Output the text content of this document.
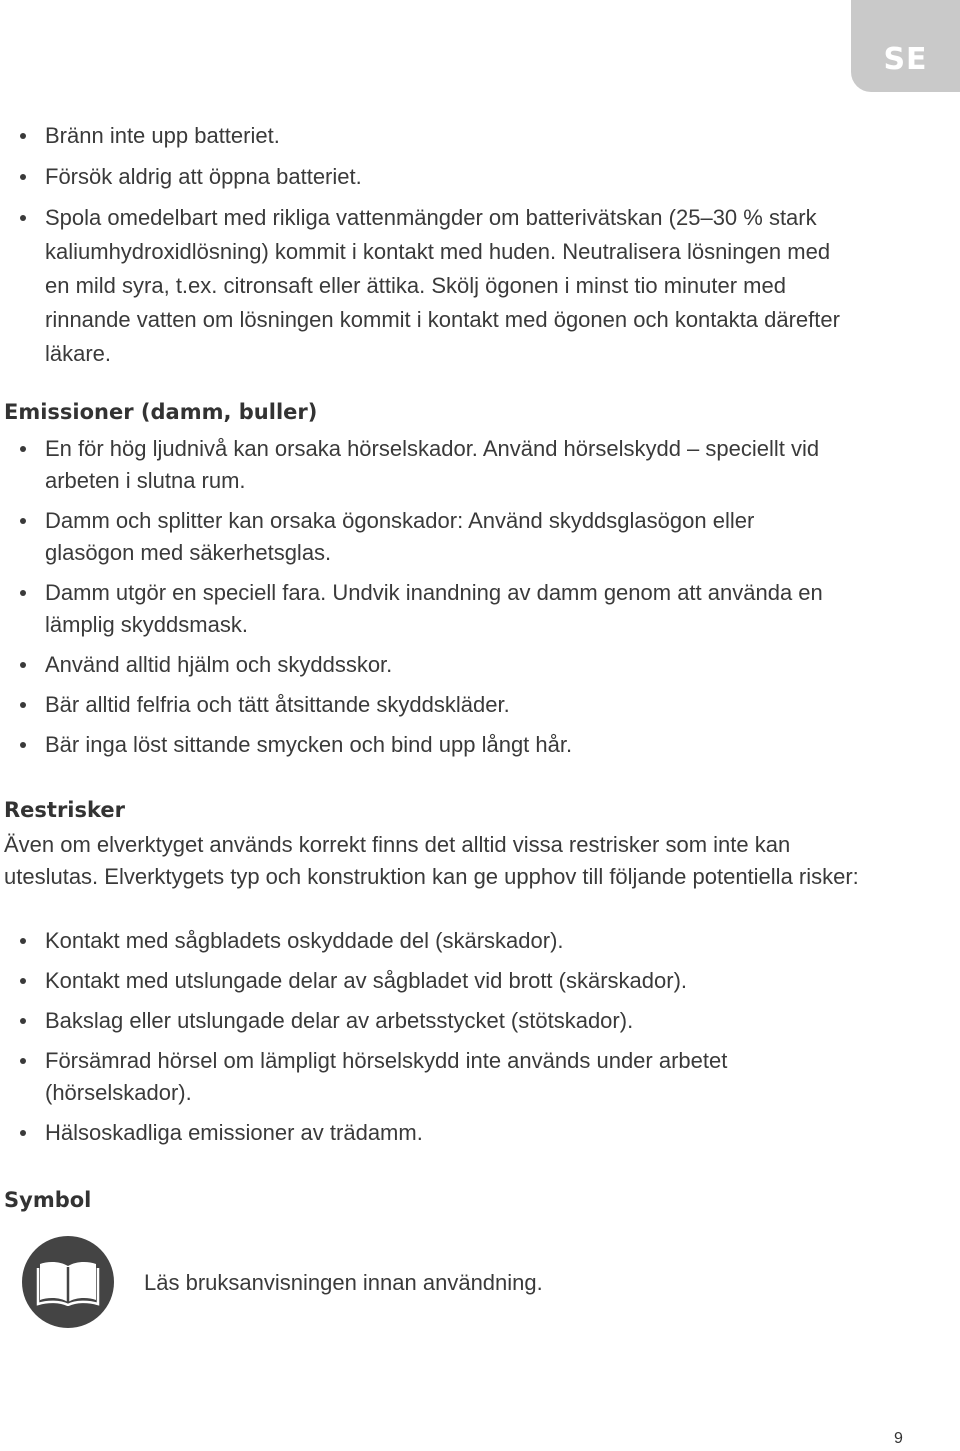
SE
Bränn inte upp batteriet.
Försök aldrig att öppna batteriet.
Spola omedelbart med rikliga vattenmängder om batterivätskan (25–30 % stark kaliumhydroxidlösning) kommit i kontakt med huden. Neutralisera lösningen med en mild syra, t.ex. citronsaft eller ättika. Skölj ögonen i minst tio minuter med rinnande vatten om lösningen kommit i kontakt med ögonen och kontakta därefter läkare.
Emissioner (damm, buller)
En för hög ljudnivå kan orsaka hörselskador. Använd hörselskydd – speciellt vid arbeten i slutna rum.
Damm och splitter kan orsaka ögonskador: Använd skyddsglasögon eller glasögon med säkerhetsglas.
Damm utgör en speciell fara. Undvik inandning av damm genom att använda en lämplig skyddsmask.
Använd alltid hjälm och skyddsskor.
Bär alltid felfria och tätt åtsittande skyddskläder.
Bär inga löst sittande smycken och bind upp långt hår.
Restrisker

Även om elverktyget används korrekt finns det alltid vissa restrisker som inte kan uteslutas. Elverktygets typ och konstruktion kan ge upphov till följande potentiella risker:

Kontakt med sågbladets oskyddade del (skärskador).
Kontakt med utslungade delar av sågbladet vid brott (skärskador).
Bakslag eller utslungade delar av arbetsstycket (stötskador).
Försämrad hörsel om lämpligt hörselskydd inte används under arbetet (hörselskador).
Hälsoskadliga emissioner av trädamm.
Symbol
Läs bruksanvisningen innan användning.
9
